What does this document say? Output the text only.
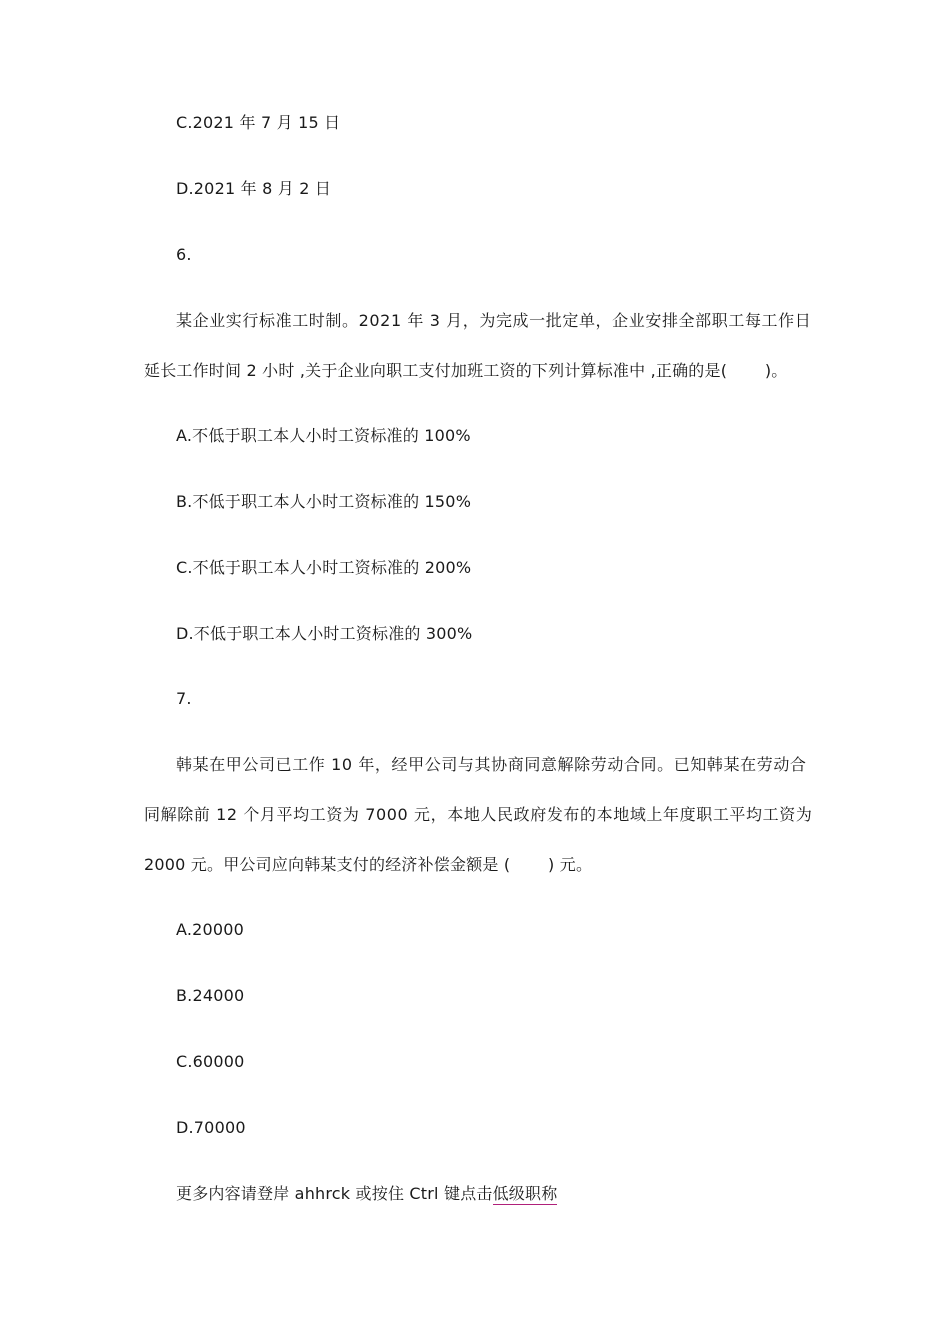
C.2021 年 7 月 15 日
D.2021 年 8 月 2 日
6.
某企业实行标准工时制。2021 年 3 月，为完成一批定单，企业安排全部职工每工作日
延长工作时间 2 小时 ,关于企业向职工支付加班工资的下列计算标准中 ,正确的是(　　 )。
A.不低于职工本人小时工资标准的 100%
B.不低于职工本人小时工资标准的 150%
C.不低于职工本人小时工资标准的 200%
D.不低于职工本人小时工资标准的 300%
7.
韩某在甲公司已工作 10 年，经甲公司与其协商同意解除劳动合同。已知韩某在劳动合
同解除前 12 个月平均工资为 7000 元，本地人民政府发布的本地域上年度职工平均工资为
2000 元。甲公司应向韩某支付的经济补偿金额是 (　　 ) 元。
A.20000
B.24000
C.60000
D.70000
更多内容请登岸 ahhrck 或按住 Ctrl 键点击低级职称
